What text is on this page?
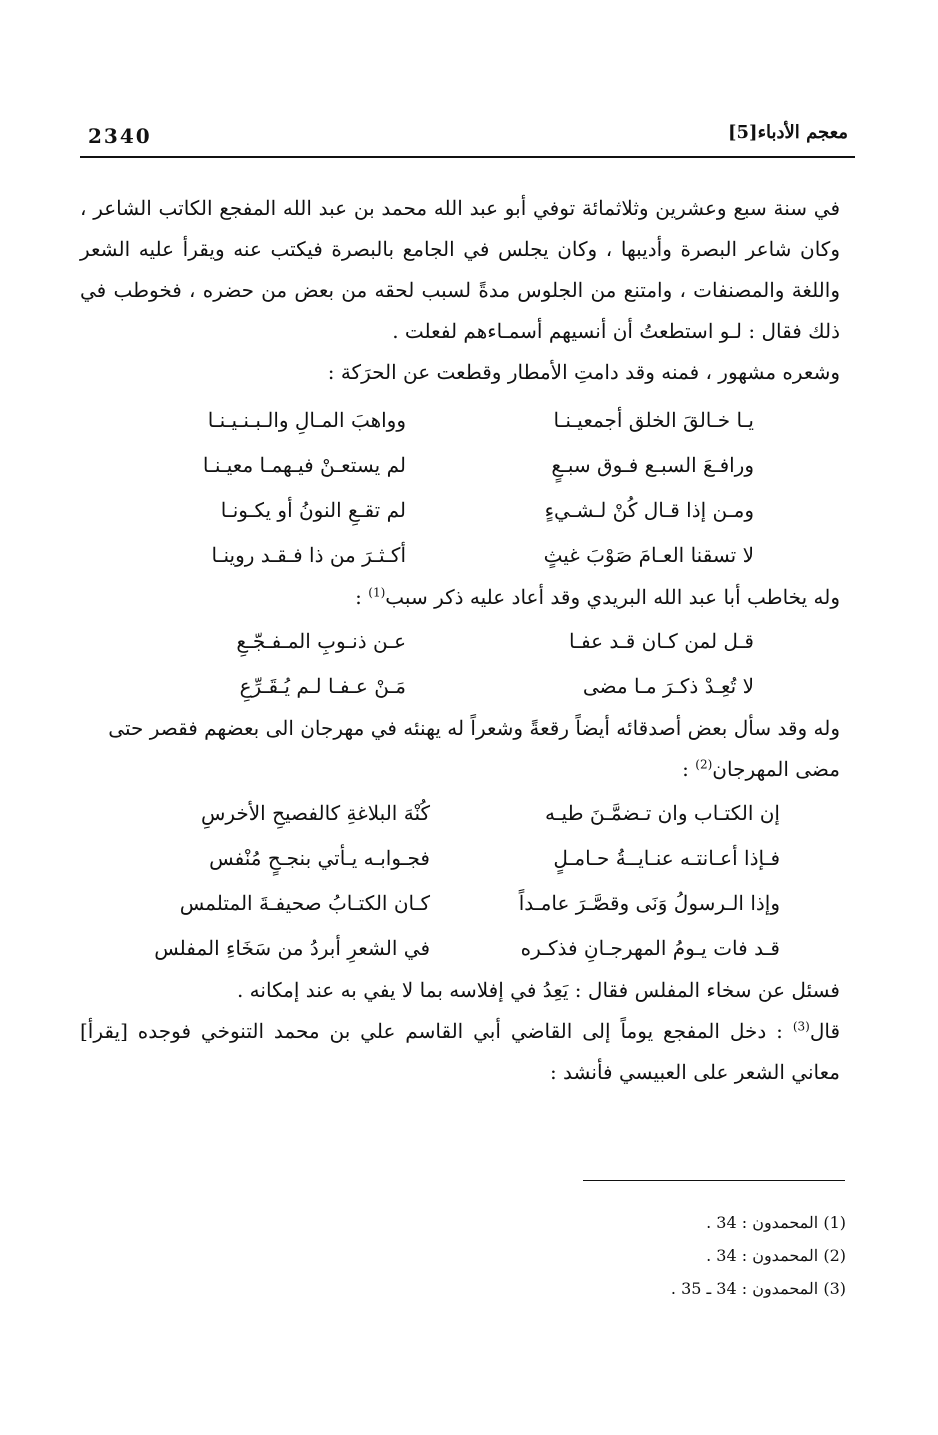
2340	معجم الأدباء[5]

في سنة سبع وعشرين وثلاثمائة توفي أبو عبد الله محمد بن عبد الله المفجع الكاتب الشاعر ، وكان شاعر البصرة وأديبها ، وكان يجلس في الجامع بالبصرة فيكتب عنه ويقرأ عليه الشعر واللغة والمصنفات ، وامتنع من الجلوس مدةً لسبب لحقه من بعض من حضره ، فخوطب في ذلك فقال : لـو استطعتُ أن أنسيهم أسمـاءهم لفعلت .

وشعره مشهور ، فمنه وقد دامتِ الأمطار وقطعت عن الحرَكة :

يـا خـالقَ الخلق أجمعيـنـا
وواهبَ المـالِ والـبـنـيـنـا
ورافـعَ السبـع فـوق سبـعٍ
لم يستعـنْ فيـهمـا معيـنـا
ومـن إذا قـال كُنْ لـشـيءٍ
لم تقـعِ النونُ أو يكـونـا
لا تسقنا العـامَ صَوْبَ غيثٍ
أكـثـرَ من ذا فـقـد روينـا

وله يخاطب أبا عبد الله البريدي وقد أعاد عليه ذكر سبب$^{(1)}$ :

قـل لمن كـان قـد عفـا
عـن ذنـوبِ المـفـجّـعِ
لا تُعِـدْ ذكـرَ مـا مضى
مَـنْ عـفـا لـم يُـقَـرِّعِ

وله وقد سأل بعض أصدقائه أيضاً رقعةً وشعراً له يهنئه في مهرجان الى بعضهم فقصر حتى مضى المهرجان$^{(2)}$ :

إن الكتـاب وان تـضمَّـنَ طيـه
كُنْهَ البلاغةِ كالفصيحِ الأخرسِ
فـإذا أعـانتـه عنـايــةُ حـامـلٍ
فجـوابـه يـأتي بنجـحٍ مُنْفس
وإذا الـرسولُ وَنَى وقصَّـرَ عامـداً
كـان الكتـابُ صحيفـةَ المتلمس
قـد فات يـومُ المهرجـانِ فذكـره
في الشعرِ أبردُ من سَخَاءِ المفلس

فسئل عن سخاء المفلس فقال : يَعِدُ في إفلاسه بما لا يفي به عند إمكانه .

قال$^{(3)}$ : دخل المفجع يوماً إلى القاضي أبي القاسم علي بن محمد التنوخي فوجده [يقرأ] معاني الشعر على العبيسي فأنشد :

(1) المحمدون : 34 .
(2) المحمدون : 34 .
(3) المحمدون : 34 ـ 35 .
